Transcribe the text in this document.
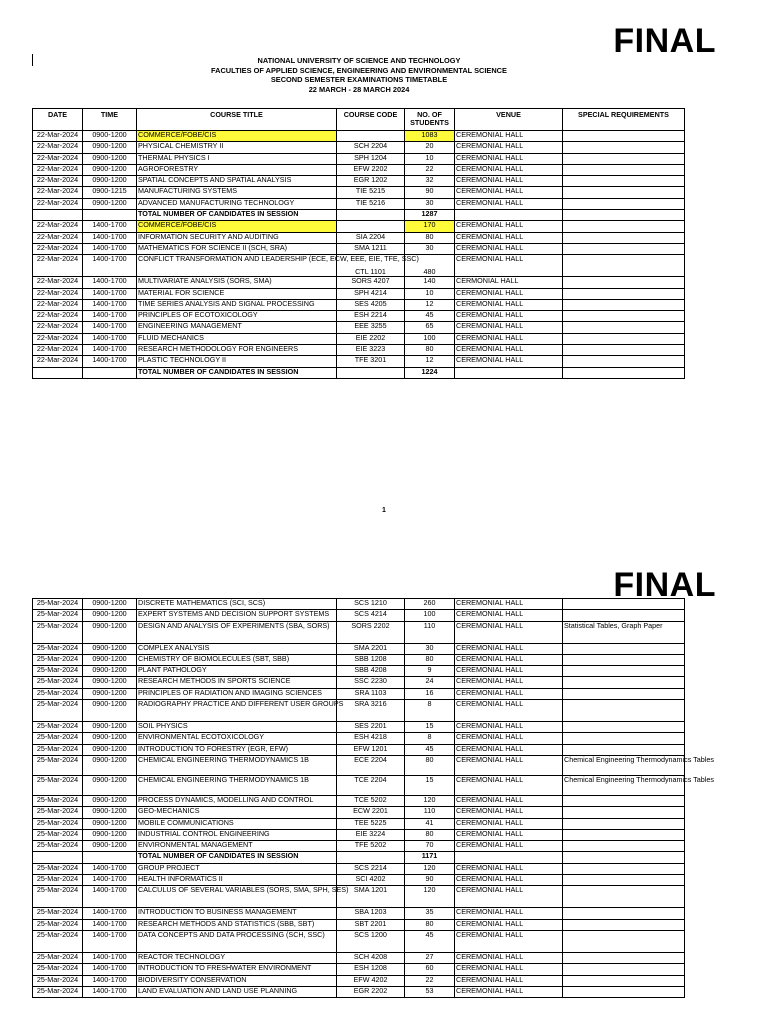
FINAL
NATIONAL UNIVERSITY OF SCIENCE AND TECHNOLOGY
FACULTIES OF APPLIED SCIENCE, ENGINEERING AND ENVIRONMENTAL SCIENCE
SECOND SEMESTER EXAMINATIONS TIMETABLE
22 MARCH - 28 MARCH 2024
DATE	TIME	COURSE TITLE	COURSE CODE	NO. OF STUDENTS	VENUE	SPECIAL REQUIREMENTS
22-Mar-2024	0900-1200	COMMERCE/FOBE/CIS		1083	CEREMONIAL HALL	
22-Mar-2024	0900-1200	PHYSICAL CHEMISTRY II	SCH 2204	20	CEREMONIAL HALL	
22-Mar-2024	0900-1200	THERMAL PHYSICS I	SPH 1204	10	CEREMONIAL HALL	
22-Mar-2024	0900-1200	AGROFORESTRY	EFW 2202	22	CEREMONIAL HALL	
22-Mar-2024	0900-1200	SPATIAL CONCEPTS AND SPATIAL ANALYSIS	EGR 1202	32	CEREMONIAL HALL	
22-Mar-2024	0900-1215	MANUFACTURING SYSTEMS	TIE 5215	90	CEREMONIAL HALL	
22-Mar-2024	0900-1200	ADVANCED MANUFACTURING TECHNOLOGY	TIE 5216	30	CEREMONIAL HALL	
		TOTAL NUMBER OF CANDIDATES IN SESSION		1287		
22-Mar-2024	1400-1700	COMMERCE/FOBE/CIS		170	CEREMONIAL HALL	
22-Mar-2024	1400-1700	INFORMATION SECURITY AND AUDITING	SIA 2204	80	CEREMONIAL HALL	
22-Mar-2024	1400-1700	MATHEMATICS FOR SCIENCE II (SCH, SRA)	SMA 1211	30	CEREMONIAL HALL	
22-Mar-2024	1400-1700	CONFLICT TRANSFORMATION AND LEADERSHIP (ECE, ECW, EEE, EIE, TFE, SSC)	CTL 1101	480	CEREMONIAL HALL	
22-Mar-2024	1400-1700	MULTIVARIATE ANALYSIS (SORS, SMA)	SORS 4207	140	CERMONIAL HALL	
22-Mar-2024	1400-1700	MATERIAL FOR SCIENCE	SPH 4214	10	CEREMONIAL HALL	
22-Mar-2024	1400-1700	TIME SERIES ANALYSIS AND SIGNAL PROCESSING	SES 4205	12	CEREMONIAL HALL	
22-Mar-2024	1400-1700	PRINCIPLES OF ECOTOXICOLOGY	ESH 2214	45	CEREMONIAL HALL	
22-Mar-2024	1400-1700	ENGINEERING MANAGEMENT	EEE 3255	65	CEREMONIAL HALL	
22-Mar-2024	1400-1700	FLUID MECHANICS	EIE 2202	100	CEREMONIAL HALL	
22-Mar-2024	1400-1700	RESEARCH METHODOLOGY FOR ENGINEERS	EIE 3223	80	CEREMONIAL HALL	
22-Mar-2024	1400-1700	PLASTIC TECHNOLOGY II	TFE 3201	12	CEREMONIAL HALL	
		TOTAL NUMBER OF CANDIDATES IN SESSION		1224		
1
FINAL
25-Mar-2024	0900-1200	DISCRETE MATHEMATICS (SCI, SCS)	SCS 1210	260	CEREMONIAL HALL	
25-Mar-2024	0900-1200	EXPERT SYSTEMS AND DECISION SUPPORT SYSTEMS	SCS 4214	100	CEREMONIAL HALL	
25-Mar-2024	0900-1200	DESIGN AND ANALYSIS OF EXPERIMENTS (SBA, SORS)	SORS 2202	110	CEREMONIAL HALL	Statistical Tables, Graph Paper
25-Mar-2024	0900-1200	COMPLEX ANALYSIS	SMA 2201	30	CEREMONIAL HALL	
25-Mar-2024	0900-1200	CHEMISTRY OF BIOMOLECULES (SBT, SBB)	SBB 1208	80	CEREMONIAL HALL	
25-Mar-2024	0900-1200	PLANT PATHOLOGY	SBB 4208	9	CEREMONIAL HALL	
25-Mar-2024	0900-1200	RESEARCH METHODS IN SPORTS SCIENCE	SSC 2230	24	CEREMONIAL HALL	
25-Mar-2024	0900-1200	PRINCIPLES OF RADIATION AND IMAGING SCIENCES	SRA 1103	16	CEREMONIAL HALL	
25-Mar-2024	0900-1200	RADIOGRAPHY PRACTICE AND DIFFERENT USER GROUPS	SRA 3216	8	CEREMONIAL HALL	
25-Mar-2024	0900-1200	SOIL PHYSICS	SES 2201	15	CEREMONIAL HALL	
25-Mar-2024	0900-1200	ENVIRONMENTAL ECOTOXICOLOGY	ESH 4218	8	CEREMONIAL HALL	
25-Mar-2024	0900-1200	INTRODUCTION TO FORESTRY (EGR, EFW)	EFW 1201	45	CEREMONIAL HALL	
25-Mar-2024	0900-1200	CHEMICAL ENGINEERING THERMODYNAMICS 1B	ECE 2204	80	CEREMONIAL HALL	Chemical Engineering Thermodynamics Tables
25-Mar-2024	0900-1200	CHEMICAL ENGINEERING THERMODYNAMICS 1B	TCE 2204	15	CEREMONIAL HALL	Chemical Engineering Thermodynamics Tables
25-Mar-2024	0900-1200	PROCESS DYNAMICS, MODELLING AND CONTROL	TCE 5202	120	CEREMONIAL HALL	
25-Mar-2024	0900-1200	GEO-MECHANICS	ECW 2201	110	CEREMONIAL HALL	
25-Mar-2024	0900-1200	MOBILE COMMUNICATIONS	TEE 5225	41	CEREMONIAL HALL	
25-Mar-2024	0900-1200	INDUSTRIAL CONTROL ENGINEERING	EIE 3224	80	CEREMONIAL HALL	
25-Mar-2024	0900-1200	ENVIRONMENTAL MANAGEMENT	TFE 5202	70	CEREMONIAL HALL	
		TOTAL NUMBER OF CANDIDATES IN SESSION		1171		
25-Mar-2024	1400-1700	GROUP PROJECT	SCS 2214	120	CEREMONIAL HALL	
25-Mar-2024	1400-1700	HEALTH INFORMATICS II	SCI 4202	90	CEREMONIAL HALL	
25-Mar-2024	1400-1700	CALCULUS OF SEVERAL VARIABLES (SORS, SMA, SPH, SES)	SMA 1201	120	CEREMONIAL HALL	
25-Mar-2024	1400-1700	INTRODUCTION TO BUSINESS MANAGEMENT	SBA 1203	35	CEREMONIAL HALL	
25-Mar-2024	1400-1700	RESEARCH METHODS AND STATISTICS (SBB, SBT)	SBT 2201	80	CEREMONIAL HALL	
25-Mar-2024	1400-1700	DATA CONCEPTS AND DATA PROCESSING (SCH, SSC)	SCS 1200	45	CEREMONIAL HALL	
25-Mar-2024	1400-1700	REACTOR TECHNOLOGY	SCH 4208	27	CEREMONIAL HALL	
25-Mar-2024	1400-1700	INTRODUCTION TO FRESHWATER ENVIRONMENT	ESH 1208	60	CEREMONIAL HALL	
25-Mar-2024	1400-1700	BIODIVERSITY CONSERVATION	EFW 4202	22	CEREMONIAL HALL	
25-Mar-2024	1400-1700	LAND EVALUATION AND LAND USE PLANNING	EGR 2202	53	CEREMONIAL HALL	
